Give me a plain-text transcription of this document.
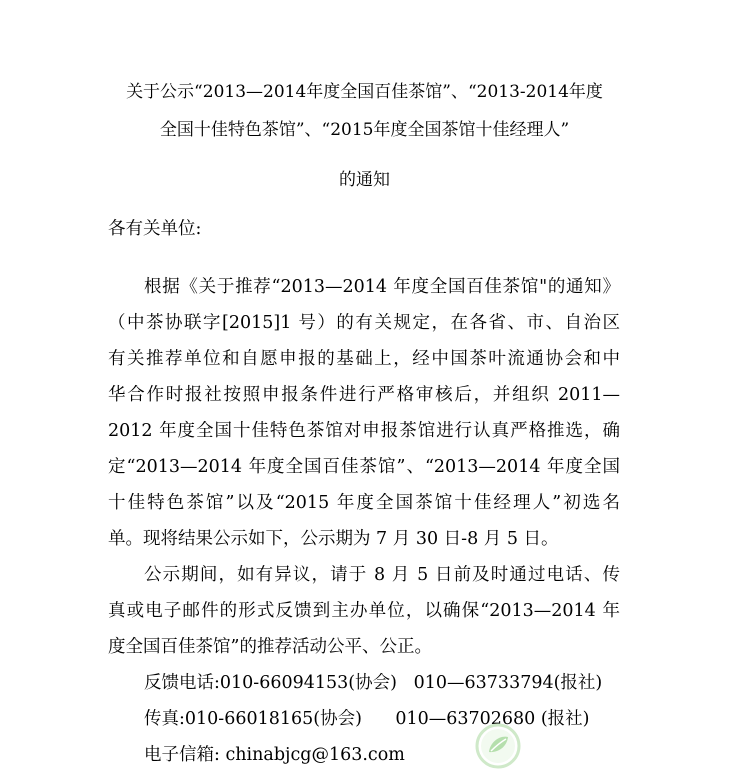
关于公示“2013—2014年度全国百佳茶馆”、“2013-2014年度
全国十佳特色茶馆”、“2015年度全国茶馆十佳经理人”
的通知
各有关单位:
根据《关于推荐“2013—2014 年度全国百佳茶馆"的通知》
（中茶协联字[2015]1 号）的有关规定，在各省、市、自治区
有关推荐单位和自愿申报的基础上，经中国茶叶流通协会和中
华合作时报社按照申报条件进行严格审核后，并组织 2011—
2012 年度全国十佳特色茶馆对申报茶馆进行认真严格推选，确
定“2013—2014 年度全国百佳茶馆”、“2013—2014 年度全国
十佳特色茶馆”以及“2015 年度全国茶馆十佳经理人”初选名
单。现将结果公示如下，公示期为 7 月 30 日-8 月 5 日。
公示期间，如有异议，请于 8 月 5 日前及时通过电话、传
真或电子邮件的形式反馈到主办单位，以确保“2013—2014 年
度全国百佳茶馆”的推荐活动公平、公正。
反馈电话:010-66094153(协会)   010—63733794(报社)
传真:010-66018165(协会)      010—63702680 (报社)
电子信箱: chinabjcg@163.com
